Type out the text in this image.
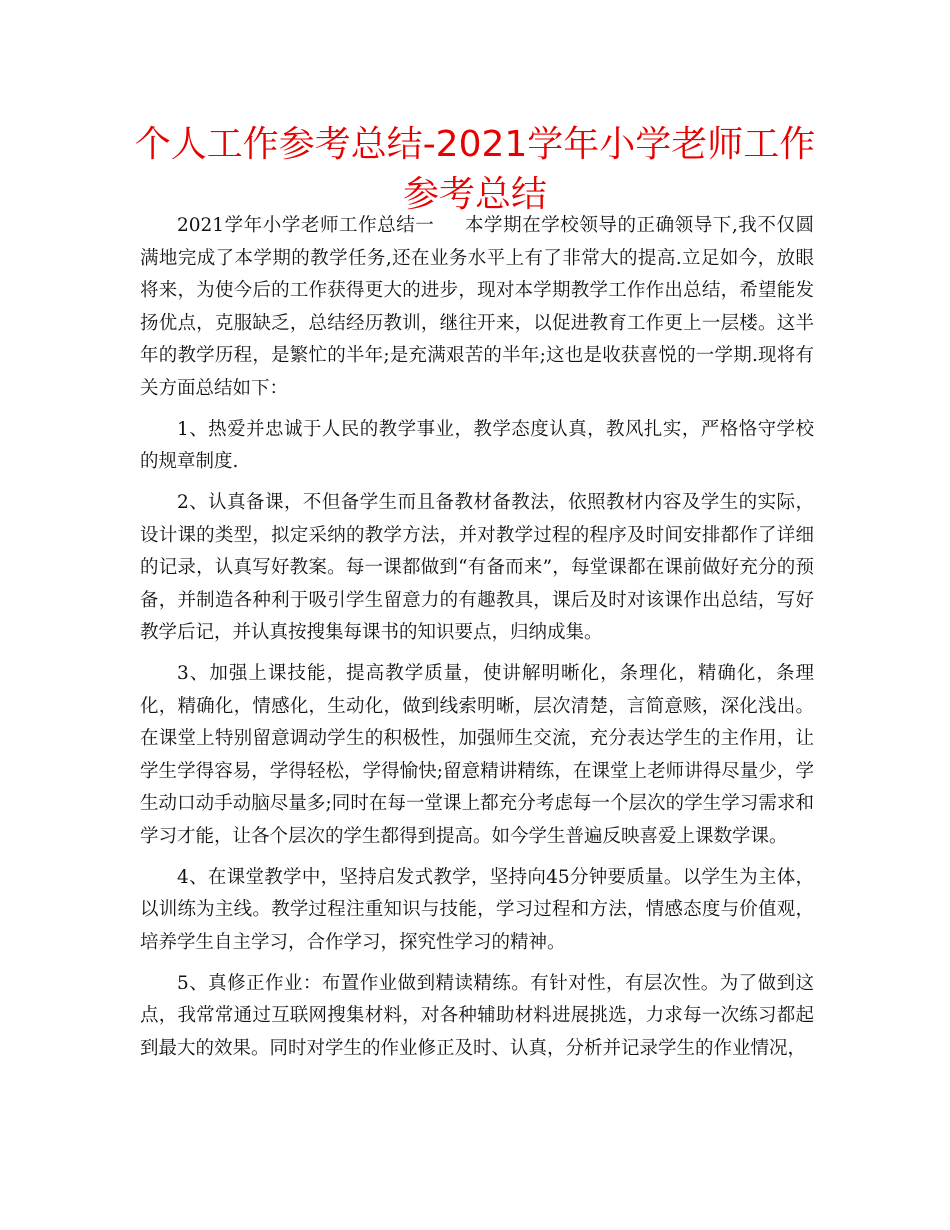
个人工作参考总结-2021学年小学老师工作参考总结

2021学年小学老师工作总结一 本学期在学校领导的正确领导下,我不仅圆满地完成了本学期的教学任务,还在业务水平上有了非常大的提高.立足如今，放眼将来，为使今后的工作获得更大的进步，现对本学期教学工作作出总结，希望能发扬优点，克服缺乏，总结经历教训，继往开来，以促进教育工作更上一层楼。这半年的教学历程，是繁忙的半年;是充满艰苦的半年;这也是收获喜悦的一学期.现将有关方面总结如下：

1、热爱并忠诚于人民的教学事业，教学态度认真，教风扎实，严格恪守学校的规章制度.

2、认真备课，不但备学生而且备教材备教法，依照教材内容及学生的实际，设计课的类型，拟定采纳的教学方法，并对教学过程的程序及时间安排都作了详细的记录，认真写好教案。每一课都做到“有备而来”，每堂课都在课前做好充分的预备，并制造各种利于吸引学生留意力的有趣教具，课后及时对该课作出总结，写好教学后记，并认真按搜集每课书的知识要点，归纳成集。

3、加强上课技能，提高教学质量，使讲解明晰化，条理化，精确化，条理化，精确化，情感化，生动化，做到线索明晰，层次清楚，言简意赅，深化浅出。在课堂上特别留意调动学生的积极性，加强师生交流，充分表达学生的主作用，让学生学得容易，学得轻松，学得愉快;留意精讲精练，在课堂上老师讲得尽量少，学生动口动手动脑尽量多;同时在每一堂课上都充分考虑每一个层次的学生学习需求和学习才能，让各个层次的学生都得到提高。如今学生普遍反映喜爱上课数学课。

4、在课堂教学中，坚持启发式教学，坚持向45分钟要质量。以学生为主体，以训练为主线。教学过程注重知识与技能，学习过程和方法，情感态度与价值观，培养学生自主学习，合作学习，探究性学习的精神。

5、真修正作业：布置作业做到精读精练。有针对性，有层次性。为了做到这点，我常常通过互联网搜集材料，对各种辅助材料进展挑选，力求每一次练习都起到最大的效果。同时对学生的作业修正及时、认真，分析并记录学生的作业情况，
